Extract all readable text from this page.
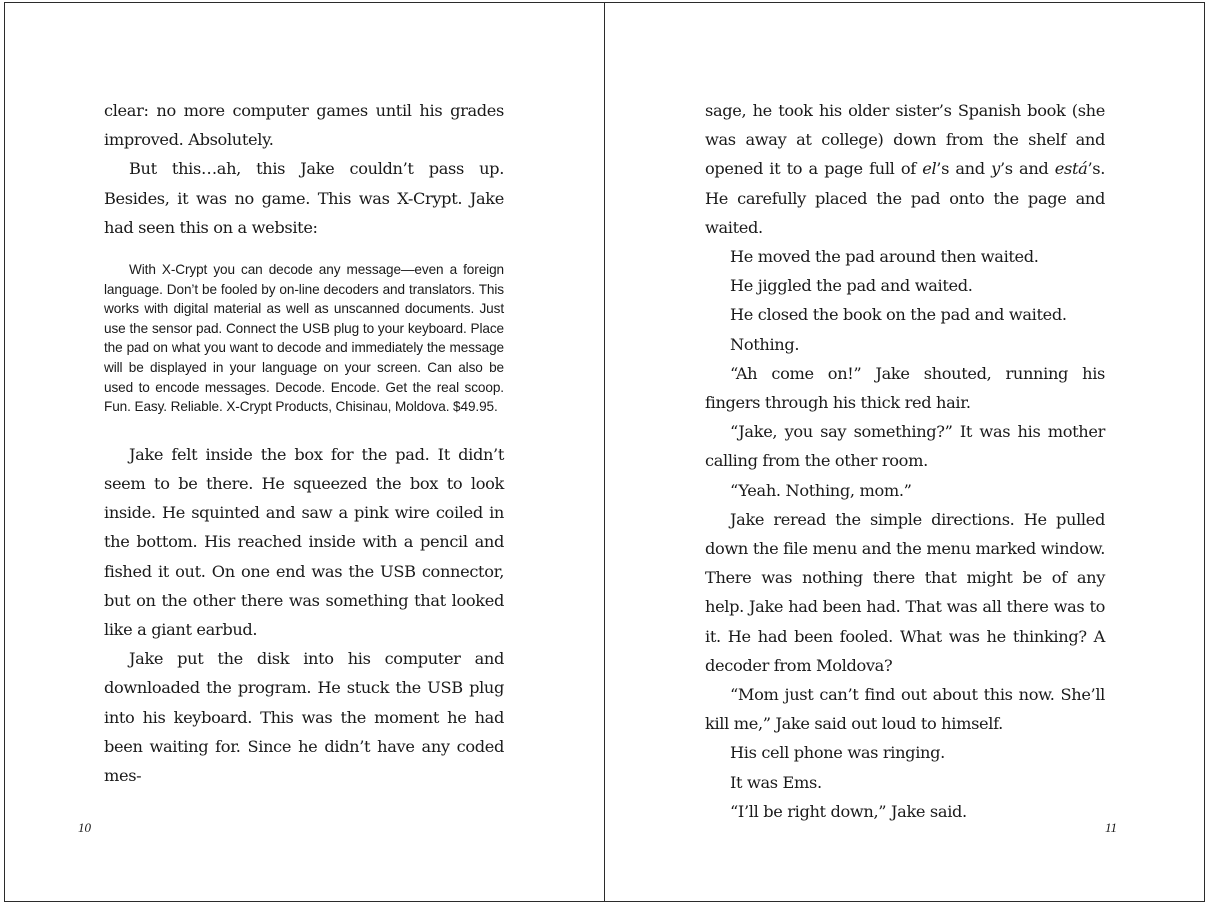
clear: no more computer games until his grades improved. Absolutely.

But this…ah, this Jake couldn’t pass up. Besides, it was no game. This was X-Crypt. Jake had seen this on a website:

With X-Crypt you can decode any message—even a foreign language. Don’t be fooled by on-line decoders and translators. This works with digital material as well as unscanned documents. Just use the sensor pad. Connect the USB plug to your keyboard. Place the pad on what you want to decode and immediately the message will be displayed in your language on your screen. Can also be used to encode messages. Decode. Encode. Get the real scoop. Fun. Easy. Reliable. X-Crypt Products, Chisinau, Moldova. $49.95.

Jake felt inside the box for the pad. It didn’t seem to be there. He squeezed the box to look inside. He squinted and saw a pink wire coiled in the bottom. His reached inside with a pencil and fished it out. On one end was the USB connector, but on the other there was something that looked like a giant earbud.

Jake put the disk into his computer and downloaded the program. He stuck the USB plug into his keyboard. This was the moment he had been waiting for. Since he didn’t have any coded mes-

10

sage, he took his older sister’s Spanish book (she was away at college) down from the shelf and opened it to a page full of el’s and y’s and está’s. He carefully placed the pad onto the page and waited.

He moved the pad around then waited.

He jiggled the pad and waited.

He closed the book on the pad and waited.

Nothing.

“Ah come on!” Jake shouted, running his fingers through his thick red hair.

“Jake, you say something?” It was his mother calling from the other room.

“Yeah. Nothing, mom.”

Jake reread the simple directions. He pulled down the file menu and the menu marked window. There was nothing there that might be of any help. Jake had been had. That was all there was to it. He had been fooled. What was he thinking? A decoder from Moldova?

“Mom just can’t find out about this now. She’ll kill me,” Jake said out loud to himself.

His cell phone was ringing.

It was Ems.

“I’ll be right down,” Jake said.

11
